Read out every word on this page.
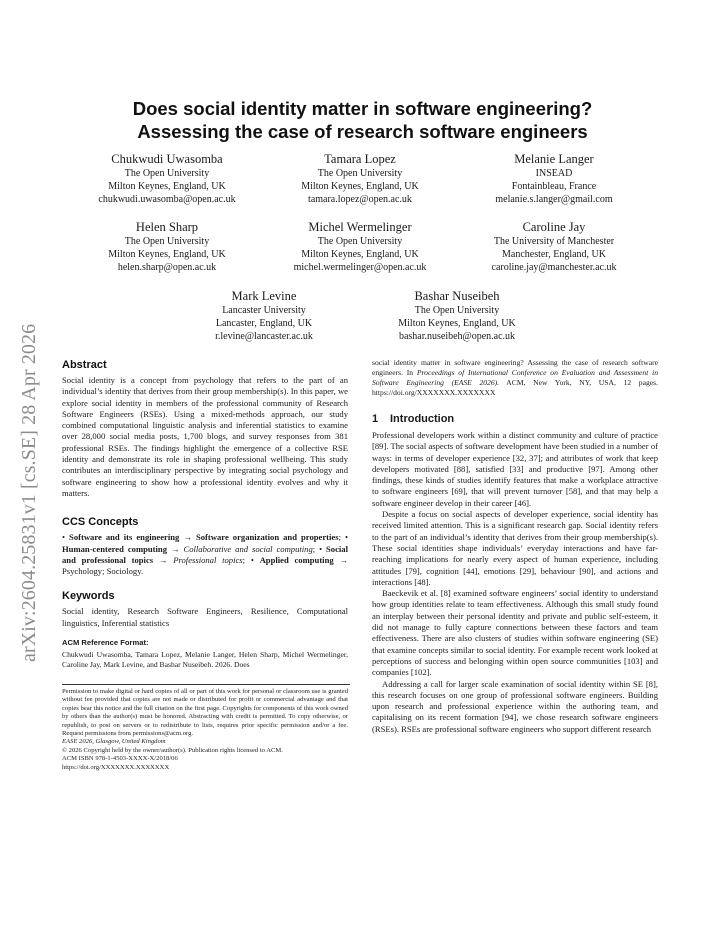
arXiv:2604.25831v1 [cs.SE] 28 Apr 2026
Does social identity matter in software engineering?
Assessing the case of research software engineers
Chukwudi Uwasomba
The Open University
Milton Keynes, England, UK
chukwudi.uwasomba@open.ac.uk
Tamara Lopez
The Open University
Milton Keynes, England, UK
tamara.lopez@open.ac.uk
Melanie Langer
INSEAD
Fontainbleau, France
melanie.s.langer@gmail.com
Helen Sharp
The Open University
Milton Keynes, England, UK
helen.sharp@open.ac.uk
Michel Wermelinger
The Open University
Milton Keynes, England, UK
michel.wermelinger@open.ac.uk
Caroline Jay
The University of Manchester
Manchester, England, UK
caroline.jay@manchester.ac.uk
Mark Levine
Lancaster University
Lancaster, England, UK
r.levine@lancaster.ac.uk
Bashar Nuseibeh
The Open University
Milton Keynes, England, UK
bashar.nuseibeh@open.ac.uk
Abstract

Social identity is a concept from psychology that refers to the part of an individual’s identity that derives from their group membership(s). In this paper, we explore social identity in members of the professional community of Research Software Engineers (RSEs). Using a mixed-methods approach, our study combined computational linguistic analysis and inferential statistics to examine over 28,000 social media posts, 1,700 blogs, and survey responses from 381 professional RSEs. The findings highlight the emergence of a collective RSE identity and demonstrate its role in shaping professional wellbeing. This study contributes an interdisciplinary perspective by integrating social psychology and software engineering to show how a professional identity evolves and why it matters.

CCS Concepts

• Software and its engineering → Software organization and properties; • Human-centered computing → Collaborative and social computing; • Social and professional topics → Professional topics; • Applied computing → Psychology; Sociology.

Keywords

Social identity, Research Software Engineers, Resilience, Computational linguistics, Inferential statistics

ACM Reference Format:

Chukwudi Uwasomba, Tamara Lopez, Melanie Langer, Helen Sharp, Michel Wermelinger, Caroline Jay, Mark Levine, and Bashar Nuseibeh. 2026. Does

Permission to make digital or hard copies of all or part of this work for personal or classroom use is granted without fee provided that copies are not made or distributed for profit or commercial advantage and that copies bear this notice and the full citation on the first page. Copyrights for components of this work owned by others than the author(s) must be honored. Abstracting with credit is permitted. To copy otherwise, or republish, to post on servers or to redistribute to lists, requires prior specific permission and/or a fee. Request permissions from permissions@acm.org.

EASE 2026, Glasgow, United Kingdom

© 2026 Copyright held by the owner/author(s). Publication rights licensed to ACM.

ACM ISBN 978-1-4503-XXXX-X/2018/06

https://doi.org/XXXXXXX.XXXXXXX

social identity matter in software engineering? Assessing the case of research software engineers. In Proceedings of International Conference on Evaluation and Assessment in Software Engineering (EASE 2026). ACM, New York, NY, USA, 12 pages. https://doi.org/XXXXXXX.XXXXXXX

1 Introduction

Professional developers work within a distinct community and culture of practice [89]. The social aspects of software development have been studied in a number of ways: in terms of developer experience [32, 37]; and attributes of work that keep developers motivated [88], satisfied [33] and productive [97]. Among other findings, these kinds of studies identify features that make a workplace attractive to software engineers [69], that will prevent turnover [58], and that may help a software engineer develop in their career [46].

Despite a focus on social aspects of developer experience, social identity has received limited attention. This is a significant research gap. Social identity refers to the part of an individual’s identity that derives from their group membership(s). These social identities shape individuals’ everyday interactions and have far-reaching implications for nearly every aspect of human experience, including attitudes [79], cognition [44], emotions [29], behaviour [90], and actions and interactions [48].

Baeckevik et al. [8] examined software engineers’ social identity to understand how group identities relate to team effectiveness. Although this small study found an interplay between their personal identity and private and public self-esteem, it did not manage to fully capture connections between these factors and team effectiveness. There are also clusters of studies within software engineering (SE) that examine concepts similar to social identity. For example recent work looked at perceptions of success and belonging within open source communities [103] and companies [102].

Addressing a call for larger scale examination of social identity within SE [8], this research focuses on one group of professional software engineers. Building upon research and professional experience within the authoring team, and capitalising on its recent formation [94], we chose research software engineers (RSEs). RSEs are professional software engineers who support different research
